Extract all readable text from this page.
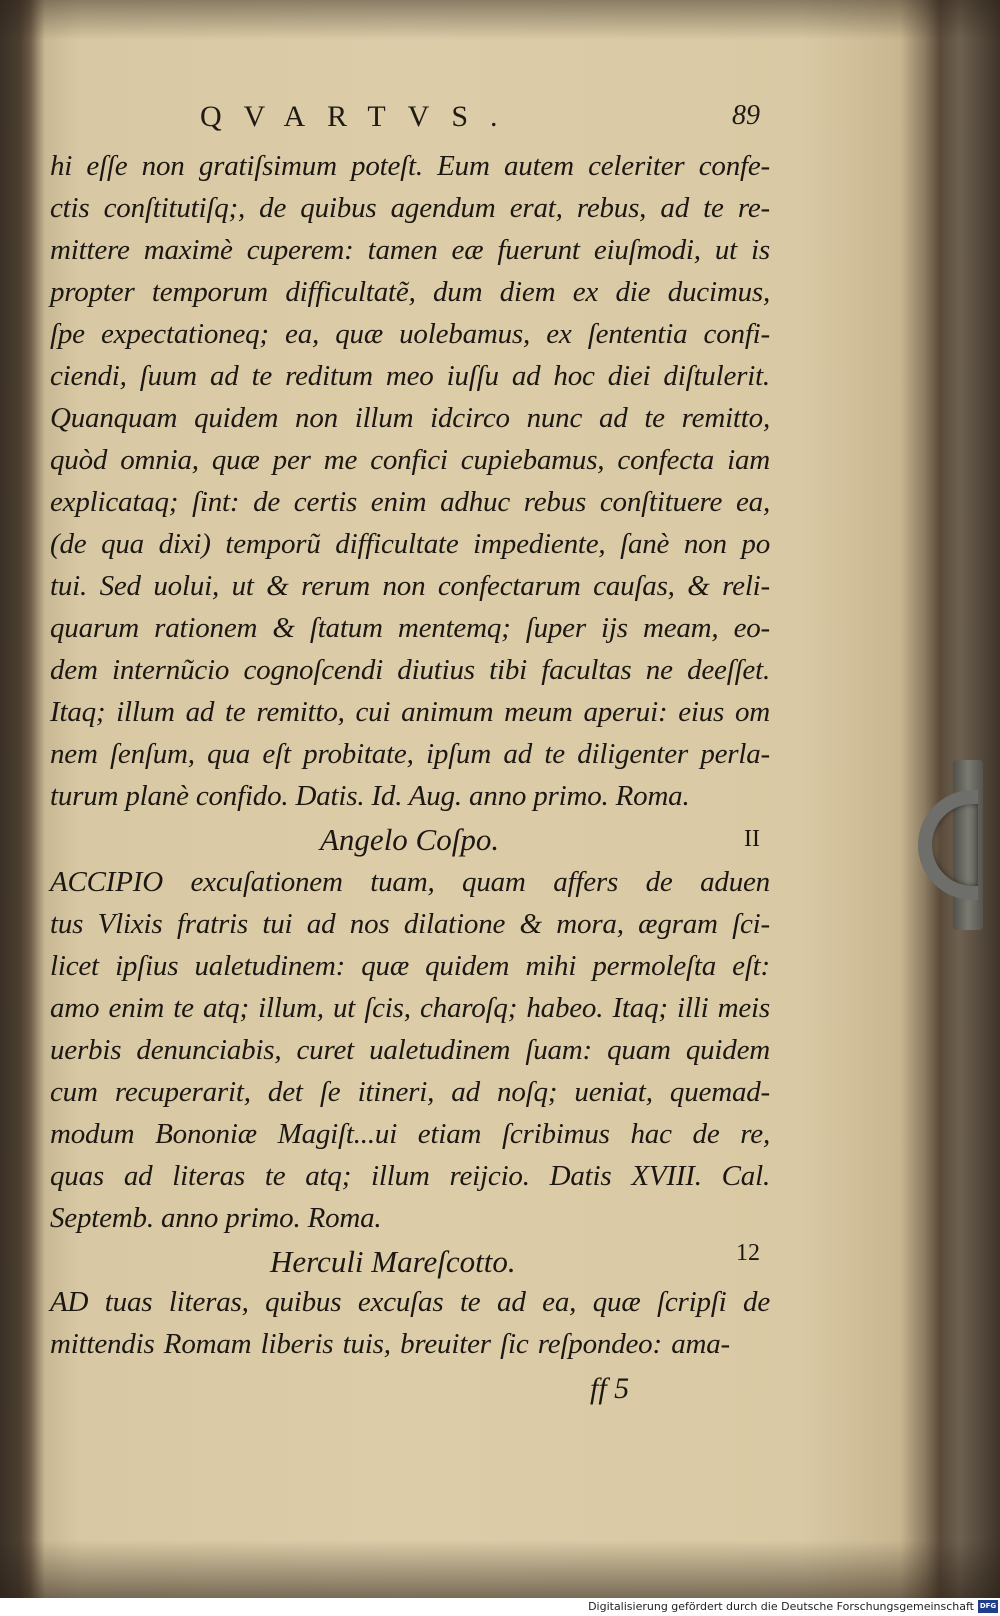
QVARTVS.	89
hi eſſe non gratiſsimum poteſt. Eum autem celeriter confe-
ctis conſtitutiſq;, de quibus agendum erat, rebus, ad te re-
mittere maximè cuperem: tamen eæ fuerunt eiuſmodi, ut is
propter temporum difficultatẽ, dum diem ex die ducimus,
ſpe expectationeq; ea, quæ uolebamus, ex ſententia confi-
ciendi, ſuum ad te reditum meo iuſſu ad hoc diei diſtulerit.
Quanquam quidem non illum idcirco nunc ad te remitto,
quòd omnia, quæ per me confici cupiebamus, confecta iam
explicataq; ſint: de certis enim adhuc rebus conſtituere ea,
(de qua dixi) temporũ difficultate impediente, ſanè non po
tui. Sed uolui, ut & rerum non confectarum cauſas, & reli-
quarum rationem & ſtatum mentemq; ſuper ijs meam, eo-
dem internũcio cognoſcendi diutius tibi facultas ne deeſſet.
Itaq; illum ad te remitto, cui animum meum aperui: eius om
nem ſenſum, qua eſt probitate, ipſum ad te diligenter perla-
turum planè confido. Datis. Id. Aug. anno primo. Roma.
Angelo Coſpo.	II
ACCIPIO excuſationem tuam, quam affers de aduen
tus Vlixis fratris tui ad nos dilatione & mora, ægram ſci-
licet ipſius ualetudinem: quæ quidem mihi permoleſta eſt:
amo enim te atq; illum, ut ſcis, charoſq; habeo. Itaq; illi meis
uerbis denunciabis, curet ualetudinem ſuam: quam quidem
cum recuperarit, det ſe itineri, ad noſq; ueniat, quemad-
modum Bononiæ Magiſt...ui etiam ſcribimus hac de re,
quas ad literas te atq; illum reijcio. Datis XVIII. Cal.
Septemb. anno primo. Roma.
Herculi Mareſcotto.	12
AD tuas literas, quibus excuſas te ad ea, quæ ſcripſi de
mittendis Romam liberis tuis, breuiter ſic reſpondeo: ama-
ff 5
Digitalisierung gefördert durch die Deutsche Forschungsgemeinschaft DFG
